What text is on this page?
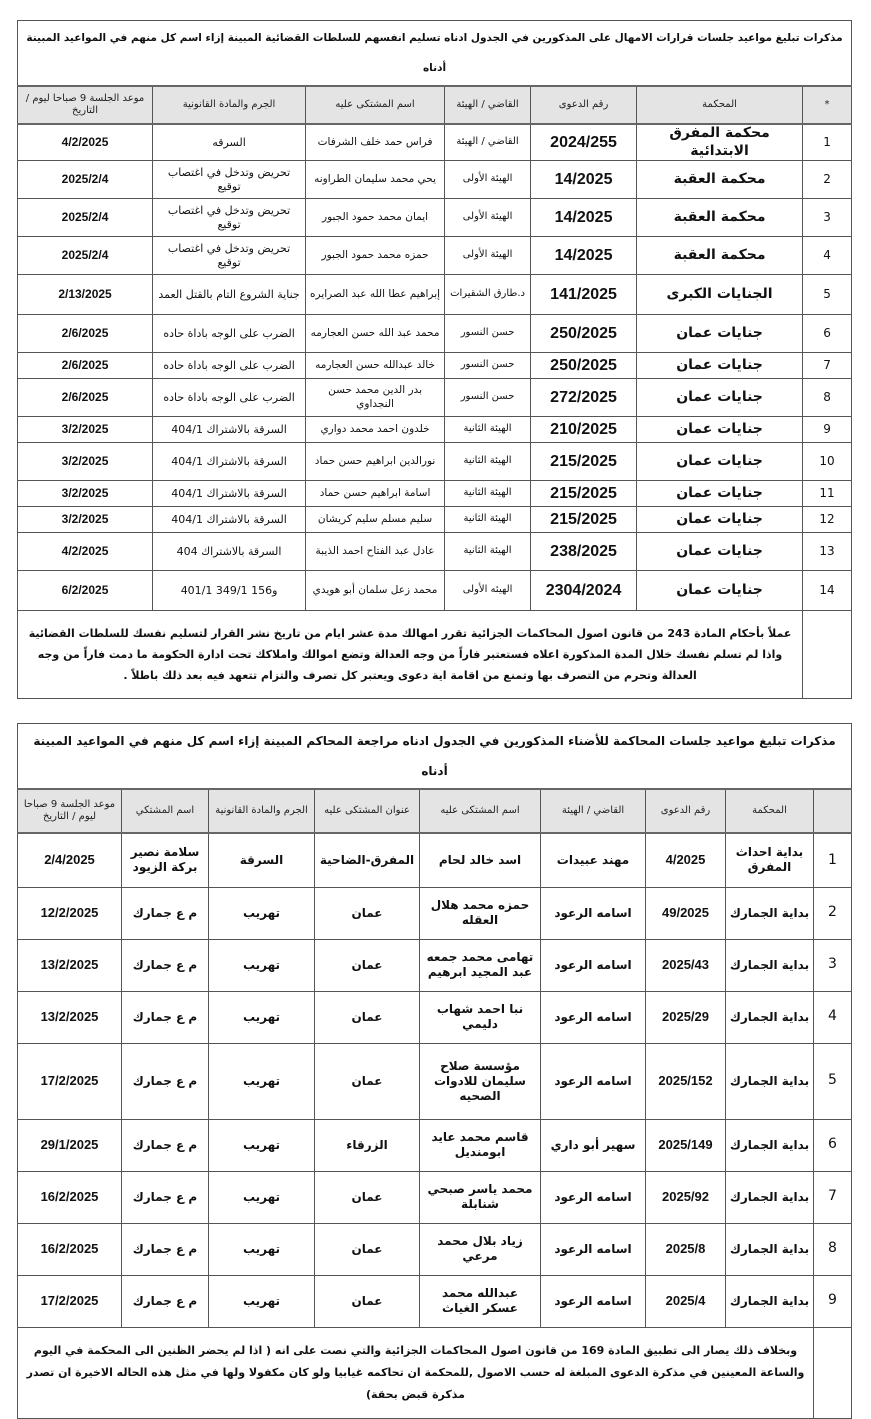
مذكرات تبليغ مواعيد جلسات قرارات الامهال على المذكورين في الجدول ادناه تسليم انفسهم للسلطات القضائية المبينة إزاء اسم كل منهم في المواعيد المبينة أدناه						
*	المحكمة	رقم الدعوى	القاضي / الهيئة	اسم المشتكى عليه	الجرم والمادة القانونية	موعد الجلسة 9 صباحا ليوم / التاريخ
1	محكمة المفرق الابتدائية	2024/255	القاضي / الهيئة	فراس حمد خلف الشرفات	السرقه	4/2/2025
2	محكمة العقبة	14/2025	الهيئة الأولى	يحي محمد سليمان الطراونه	تحريض وتدخل في اغتصاب توقيع	2025/2/4
3	محكمة العقبة	14/2025	الهيئة الأولى	ايمان محمد حمود الجبور	تحريض وتدخل في اغتصاب توقيع	2025/2/4
4	محكمة العقبة	14/2025	الهيئة الأولى	حمزه محمد حمود الجبور	تحريض وتدخل في اغتصاب توقيع	2025/2/4
5	الجنايات الكبرى	141/2025	د.طارق الشقيرات	إبراهيم عطا الله عبد الصرايره	جناية الشروع التام بالقتل العمد	2/13/2025
6	جنايات عمان	250/2025	حسن النسور	محمد عبد الله حسن العجارمه	الضرب على الوجه باداة حاده	2/6/2025
7	جنايات عمان	250/2025	حسن النسور	خالد عبدالله حسن العجارمه	الضرب على الوجه باداة حاده	2/6/2025
8	جنايات عمان	272/2025	حسن النسور	بدر الدين محمد حسن النجداوي	الضرب على الوجه باداة حاده	2/6/2025
9	جنايات عمان	210/2025	الهيئة الثانية	خلدون احمد محمد دواري	السرقة بالاشتراك 404/1	3/2/2025
10	جنايات عمان	215/2025	الهيئة الثانية	نورالدين ابراهيم حسن حماد	السرقة بالاشتراك 404/1	3/2/2025
11	جنايات عمان	215/2025	الهيئة الثانية	اسامة ابراهيم حسن حماد	السرقة بالاشتراك 404/1	3/2/2025
12	جنايات عمان	215/2025	الهيئة الثانية	سليم مسلم سليم كريشان	السرقة بالاشتراك 404/1	3/2/2025
13	جنايات عمان	238/2025	الهيئة الثانية	عادل عبد الفتاح احمد الذيبة	السرقة بالاشتراك 404	4/2/2025
14	جنايات عمان	2304/2024	الهيئه الأولى	محمد زعل سلمان أبو هويدي	و156 349/1 401/1	6/2/2025
	عملاً بأحكام المادة 243 من قانون اصول المحاكمات الجزائية تقرر امهالك مدة عشر ايام من تاريخ نشر القرار لتسليم نفسك للسلطات القضائية واذا لم تسلم نفسك خلال المدة المذكورة اعلاه فستعتبر فاراً من وجه العدالة وتضع اموالك واملاكك تحت ادارة الحكومة ما دمت فاراً من وجه العدالة وتحرم من التصرف بها وتمنع من اقامة اية دعوى ويعتبر كل تصرف والتزام تتعهد فيه بعد ذلك باطلاً .					
مذكرات تبليغ مواعيد جلسات المحاكمة للأضناء المذكورين في الجدول ادناه مراجعة المحاكم المبينة إزاء اسم كل منهم في المواعيد المبينة أدناه								
	المحكمة	رقم الدعوى	القاضي / الهيئة	اسم المشتكى عليه	عنوان المشتكى عليه	الجرم والمادة القانونية	اسم المشتكي	موعد الجلسة 9 صباحا ليوم / التاريخ
1	بداية احداث المفرق	4/2025	مهند عبيدات	اسد خالد لحام	المفرق-الضاحية	السرقة	سلامة نصير بركة الزيود	2/4/2025
2	بداية الجمارك	49/2025	اسامه الرعود	حمزه محمد هلال العقله	عمان	تهريب	م ع جمارك	12/2/2025
3	بداية الجمارك	2025/43	اسامه الرعود	تهامى محمد جمعه عبد المجيد ابرهيم	عمان	تهريب	م ع جمارك	13/2/2025
4	بداية الجمارك	2025/29	اسامه الرعود	نبا احمد شهاب دليمي	عمان	تهريب	م ع جمارك	13/2/2025
5	بداية الجمارك	2025/152	اسامه الرعود	مؤسسة صلاح سليمان للادوات الصحيه	عمان	تهريب	م ع جمارك	17/2/2025
6	بداية الجمارك	2025/149	سهير أبو داري	قاسم محمد عايد ابومنديل	الزرقاء	تهريب	م ع جمارك	29/1/2025
7	بداية الجمارك	2025/92	اسامه الرعود	محمد ياسر صبحي شنابلة	عمان	تهريب	م ع جمارك	16/2/2025
8	بداية الجمارك	2025/8	اسامه الرعود	زياد بلال محمد مرعي	عمان	تهريب	م ع جمارك	16/2/2025
9	بداية الجمارك	2025/4	اسامه الرعود	عبدالله محمد عسكر الغياث	عمان	تهريب	م ع جمارك	17/2/2025
	وبخلاف ذلك يصار الى تطبيق المادة 169 من قانون اصول المحاكمات الجزائية والتي نصت على انه ( اذا لم يحضر الظنين الى المحكمة في اليوم والساعة المعينين في مذكرة الدعوى المبلغة له حسب الاصول ,للمحكمة ان تحاكمه غيابيا ولو كان مكفولا ولها في مثل هذه الحاله الاخيرة ان تصدر مذكرة قبض بحقة)							
